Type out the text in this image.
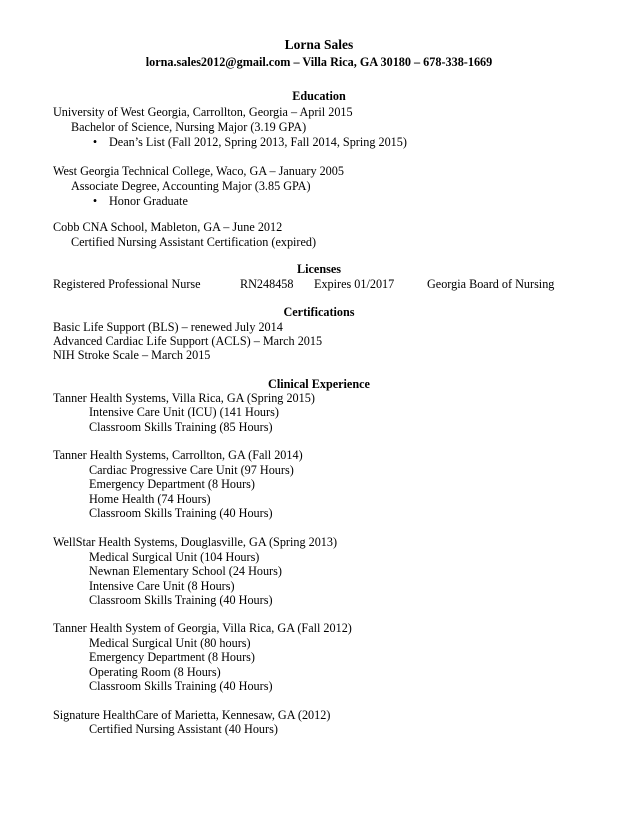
Lorna Sales
lorna.sales2012@gmail.com – Villa Rica, GA 30180 – 678-338-1669
Education
University of West Georgia, Carrollton, Georgia – April 2015
Bachelor of Science, Nursing Major (3.19 GPA)
• Dean’s List (Fall 2012, Spring 2013, Fall 2014, Spring 2015)
West Georgia Technical College, Waco, GA – January 2005
Associate Degree, Accounting Major (3.85 GPA)
• Honor Graduate
Cobb CNA School, Mableton, GA – June 2012
Certified Nursing Assistant Certification (expired)
Licenses
Registered Professional Nurse	RN248458 Expires 01/2017	Georgia Board of Nursing
Certifications
Basic Life Support (BLS) – renewed July 2014
Advanced Cardiac Life Support (ACLS) – March 2015
NIH Stroke Scale – March 2015
Clinical Experience
Tanner Health Systems, Villa Rica, GA (Spring 2015)
Intensive Care Unit (ICU) (141 Hours)
Classroom Skills Training (85 Hours)
Tanner Health Systems, Carrollton, GA (Fall 2014)
Cardiac Progressive Care Unit (97 Hours)
Emergency Department (8 Hours)
Home Health (74 Hours)
Classroom Skills Training (40 Hours)
WellStar Health Systems, Douglasville, GA (Spring 2013)
Medical Surgical Unit (104 Hours)
Newnan Elementary School (24 Hours)
Intensive Care Unit (8 Hours)
Classroom Skills Training (40 Hours)
Tanner Health System of Georgia, Villa Rica, GA (Fall 2012)
Medical Surgical Unit (80 hours)
Emergency Department (8 Hours)
Operating Room (8 Hours)
Classroom Skills Training (40 Hours)
Signature HealthCare of Marietta, Kennesaw, GA (2012)
Certified Nursing Assistant (40 Hours)
